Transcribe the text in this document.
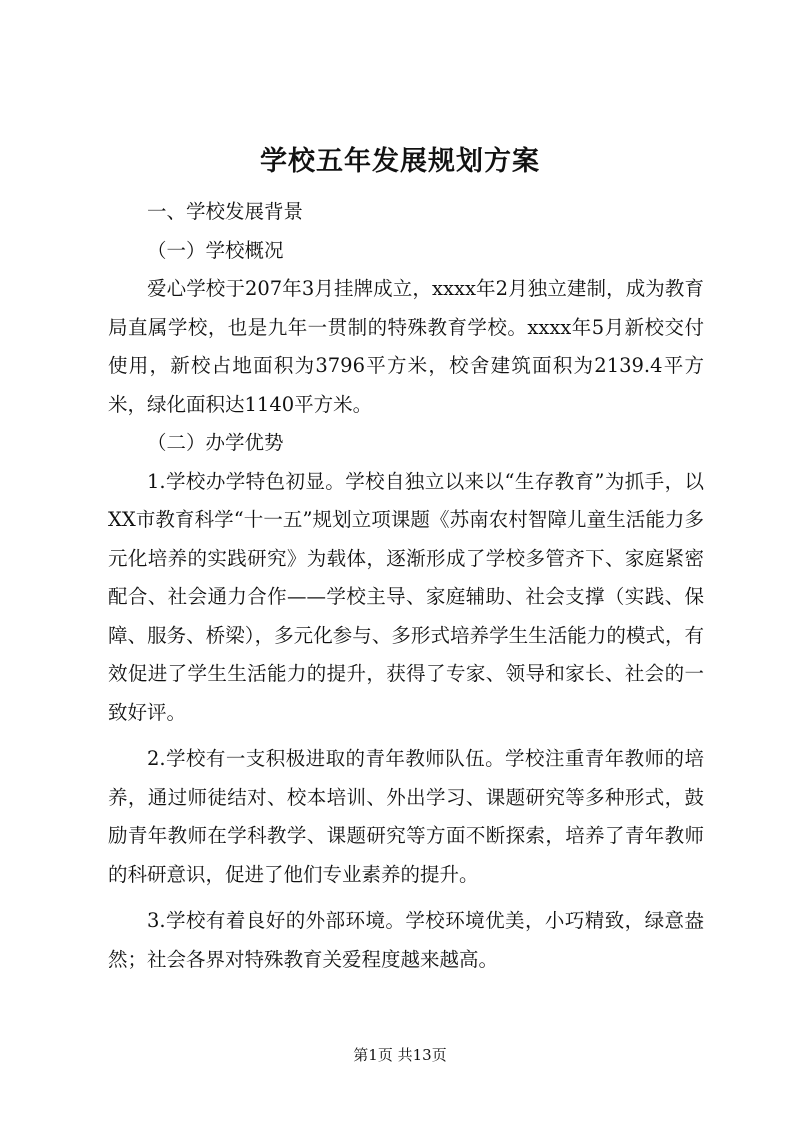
学校五年发展规划方案

一、学校发展背景

（一）学校概况

爱心学校于207年3月挂牌成立，xxxx年2月独立建制，成为教育局直属学校，也是九年一贯制的特殊教育学校。xxxx年5月新校交付使用，新校占地面积为3796平方米，校舍建筑面积为2139.4平方米，绿化面积达1140平方米。

（二）办学优势

1.学校办学特色初显。学校自独立以来以“生存教育”为抓手，以XX市教育科学“十一五”规划立项课题《苏南农村智障儿童生活能力多元化培养的实践研究》为载体，逐渐形成了学校多管齐下、家庭紧密配合、社会通力合作——学校主导、家庭辅助、社会支撑（实践、保障、服务、桥梁），多元化参与、多形式培养学生生活能力的模式，有效促进了学生生活能力的提升，获得了专家、领导和家长、社会的一致好评。

2.学校有一支积极进取的青年教师队伍。学校注重青年教师的培养，通过师徒结对、校本培训、外出学习、课题研究等多种形式，鼓励青年教师在学科教学、课题研究等方面不断探索，培养了青年教师的科研意识，促进了他们专业素养的提升。

3.学校有着良好的外部环境。学校环境优美，小巧精致，绿意盎然；社会各界对特殊教育关爱程度越来越高。

第1页 共13页
